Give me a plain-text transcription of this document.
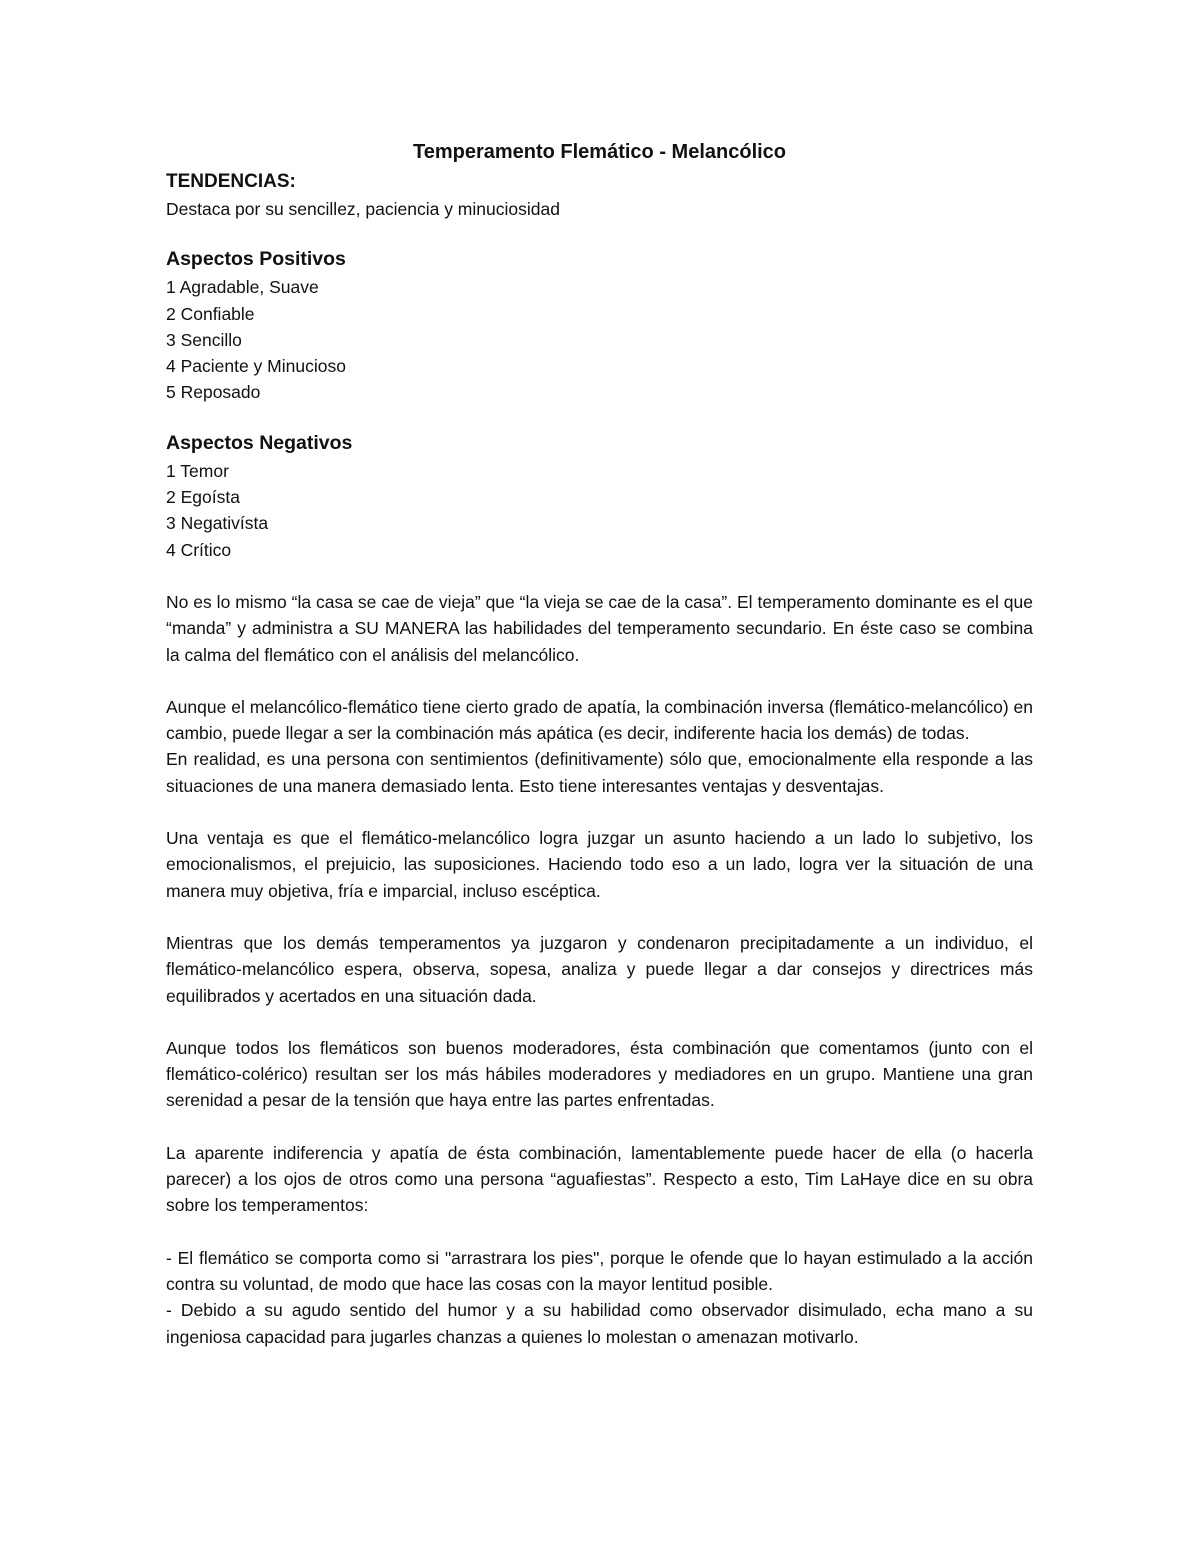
Temperamento Flemático - Melancólico
TENDENCIAS:

Destaca por su sencillez, paciencia y minuciosidad

Aspectos Positivos
1 Agradable, Suave
2 Confiable
3 Sencillo
4 Paciente y Minucioso
5 Reposado
Aspectos Negativos
1 Temor
2 Egoísta
3 Negativísta
4 Crítico

No es lo mismo “la casa se cae de vieja” que “la vieja se cae de la casa”. El temperamento dominante es el que “manda” y administra a SU MANERA las habilidades del temperamento secundario. En éste caso se combina la calma del flemático con el análisis del melancólico.

Aunque el melancólico-flemático tiene cierto grado de apatía, la combinación inversa (flemático-melancólico) en cambio, puede llegar a ser la combinación más apática (es decir, indiferente hacia los demás) de todas.

En realidad, es una persona con sentimientos (definitivamente) sólo que, emocionalmente ella responde a las situaciones de una manera demasiado lenta. Esto tiene interesantes ventajas y desventajas.

Una ventaja es que el flemático-melancólico logra juzgar un asunto haciendo a un lado lo subjetivo, los emocionalismos, el prejuicio, las suposiciones. Haciendo todo eso a un lado, logra ver la situación de una manera muy objetiva, fría e imparcial, incluso escéptica.

Mientras que los demás temperamentos ya juzgaron y condenaron precipitadamente a un individuo, el flemático-melancólico espera, observa, sopesa, analiza y puede llegar a dar consejos y directrices más equilibrados y acertados en una situación dada.

Aunque todos los flemáticos son buenos moderadores, ésta combinación que comentamos (junto con el flemático-colérico) resultan ser los más hábiles moderadores y mediadores en un grupo. Mantiene una gran serenidad a pesar de la tensión que haya entre las partes enfrentadas.

La aparente indiferencia y apatía de ésta combinación, lamentablemente puede hacer de ella (o hacerla parecer) a los ojos de otros como una persona “aguafiestas”. Respecto a esto, Tim LaHaye dice en su obra sobre los temperamentos:

- El flemático se comporta como si "arrastrara los pies", porque le ofende que lo hayan estimulado a la acción contra su voluntad, de modo que hace las cosas con la mayor lentitud posible.

- Debido a su agudo sentido del humor y a su habilidad como observador disimulado, echa mano a su ingeniosa capacidad para jugarles chanzas a quienes lo molestan o amenazan motivarlo.
